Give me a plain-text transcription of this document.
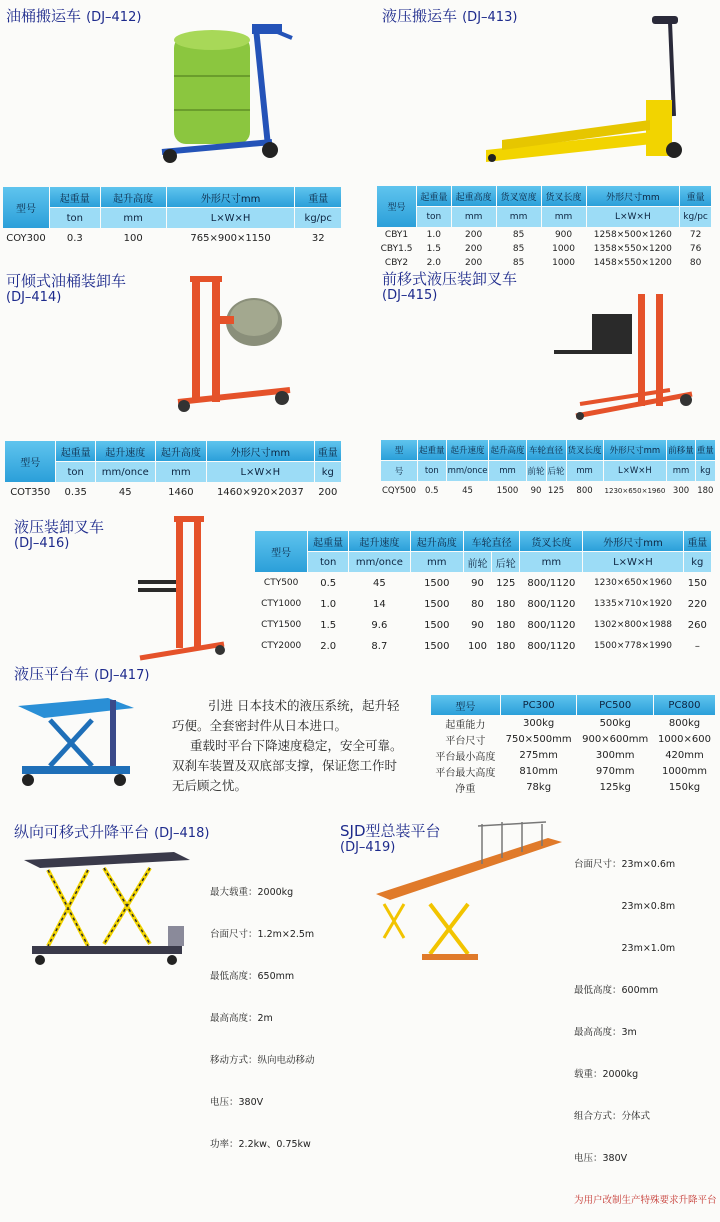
油桶搬运车 (DJ–412)
型号	起重量	起升高度	外形尺寸mm	重量
	ton	mm	L×W×H	kg/pc
COY300	0.3	100	765×900×1150	32
液压搬运车 (DJ–413)
型号	起重量	起重高度	货叉宽度	货叉长度	外形尺寸mm	重量
	ton	mm	mm	mm	L×W×H	kg/pc
CBY1	1.0	200	85	900	1258×500×1260	72
CBY1.5	1.5	200	85	1000	1358×550×1200	76
CBY2	2.0	200	85	1000	1458×550×1200	80
可倾式油桶装卸车
(DJ–414)
型号	起重量	起升速度	起升高度	外形尺寸mm	重量
	ton	mm/once	mm	L×W×H	kg
COT350	0.35	45	1460	1460×920×2037	200
前移式液压装卸叉车
(DJ–415)
型	起重量	起升速度	起升高度	车轮直径		货叉长度	外形尺寸mm	前移量	重量
号	ton	mm/once	mm	前轮	后轮	mm	L×W×H	mm	kg
CQY500	0.5	45	1500	90	125	800	1230×650×1960	300	180
液压装卸叉车
(DJ–416)
型号	起重量	起升速度	起升高度	车轮直径		货叉长度	外形尺寸mm	重量
	ton	mm/once	mm	前轮	后轮	mm	L×W×H	kg
CTY500	0.5	45	1500	90	125	800/1120	1230×650×1960	150
CTY1000	1.0	14	1500	80	180	800/1120	1335×710×1920	220
CTY1500	1.5	9.6	1500	90	180	800/1120	1302×800×1988	260
CTY2000	2.0	8.7	1500	100	180	800/1120	1500×778×1990	–
液压平台车 (DJ–417)
引进 日本技术的液压系统，起升轻
巧便。全套密封件从日本进口。
重载时平台下降速度稳定，安全可靠。
双刹车装置及双底部支撑，保证您工作时
无后顾之忧。
型号	PC300	PC500	PC800
起重能力	300kg	500kg	800kg
平台尺寸	750×500mm	900×600mm	1000×600
平台最小高度	275mm	300mm	420mm
平台最大高度	810mm	970mm	1000mm
净重	78kg	125kg	150kg
纵向可移式升降平台 (DJ–418)

最大载重：2000kg

台面尺寸：1.2m×2.5m

最低高度：650mm

最高高度：2m

移动方式：纵向电动移动

电压：380V

功率：2.2kw、0.75kw

SJD型总装平台
(DJ–419)

台面尺寸：23m×0.6m

　　　　　23m×0.8m

　　　　　23m×1.0m

最低高度：600mm

最高高度：3m

载重：2000kg

组合方式：分体式

电压：380V

为用户改制生产特殊要求升降平台
